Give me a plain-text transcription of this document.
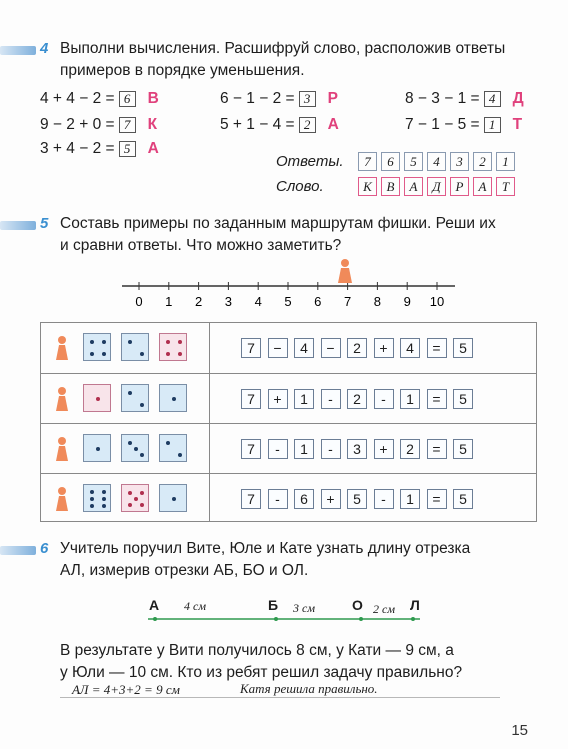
4 Выполни вычисления. Расшифруй слово, расположив ответы
примеров в порядке уменьшения.
4 + 4 − 2 = 6	В	6 − 1 − 2 = 3	Р	8 − 3 − 1 = 4	Д
9 − 2 + 0 = 7	К	5 + 1 − 4 = 2	А	7 − 1 − 5 = 1	Т
3 + 4 − 2 = 5	А
Ответы.	7	6	5	4	3	2	1
Слово.	К	В	А	Д	Р	А	Т
5 Составь примеры по заданным маршрутам фишки. Реши их
и сравни ответы. Что можно заметить?
0 1 2 3 4 5 6 7 8 9 10
7	−	4	−	2	+	4	=	5
7	+	1	-	2	-	1	=	5
7	-	1	-	3	+	2	=	5
7	-	6	+	5	-	1	=	5
6 Учитель поручил Вите, Юле и Кате узнать длину отрезка
АЛ, измерив отрезки АБ, БО и ОЛ.
А	Б	О	Л
4 см	3 см	2 см
В результате у Вити получилось 8 см, у Кати — 9 см, а
у Юли — 10 см. Кто из ребят решил задачу правильно?
АЛ = 4+3+2 = 9 см	Катя решила правильно.
15
